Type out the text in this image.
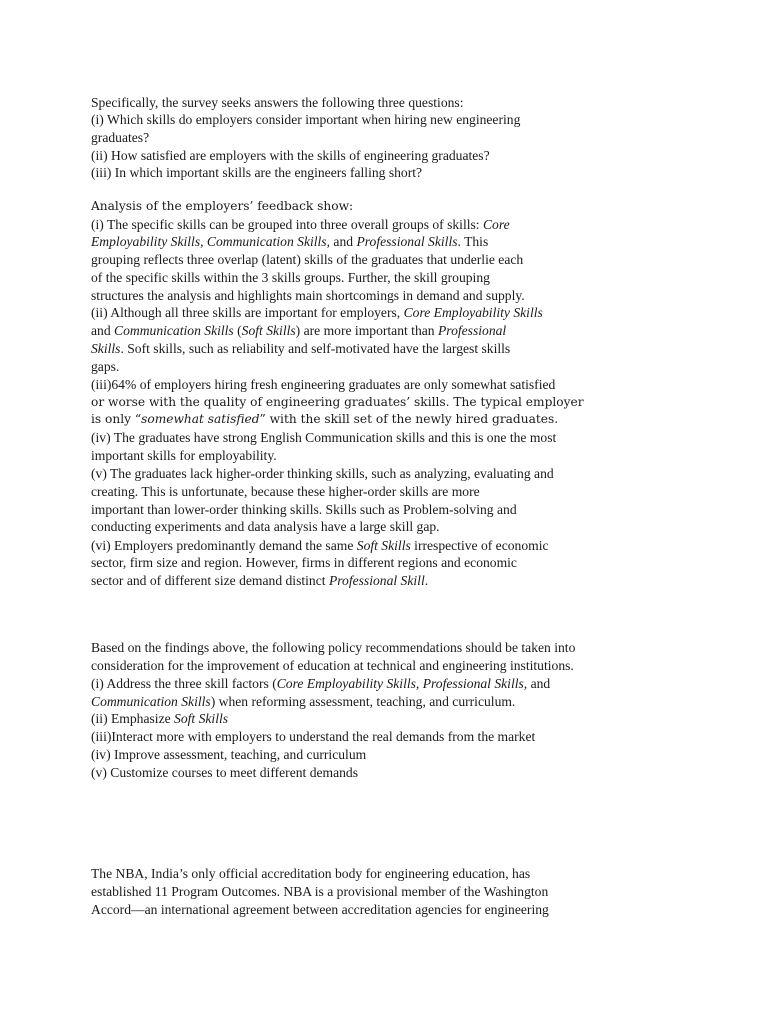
Specifically, the survey seeks answers the following three questions:
(i) Which skills do employers consider important when hiring new engineering
graduates?
(ii) How satisfied are employers with the skills of engineering graduates?
(iii) In which important skills are the engineers falling short?
Analysis of the employers’ feedback show:
(i) The specific skills can be grouped into three overall groups of skills: Core
Employability Skills, Communication Skills, and Professional Skills. This
grouping reflects three overlap (latent) skills of the graduates that underlie each
of the specific skills within the 3 skills groups. Further, the skill grouping
structures the analysis and highlights main shortcomings in demand and supply.
(ii) Although all three skills are important for employers, Core Employability Skills
and Communication Skills (Soft Skills) are more important than Professional
Skills. Soft skills, such as reliability and self-motivated have the largest skills
gaps.
(iii)64% of employers hiring fresh engineering graduates are only somewhat satisfied
or worse with the quality of engineering graduates’ skills. The typical employer
is only “somewhat satisfied” with the skill set of the newly hired graduates.
(iv) The graduates have strong English Communication skills and this is one the most
important skills for employability.
(v) The graduates lack higher-order thinking skills, such as analyzing, evaluating and
creating. This is unfortunate, because these higher-order skills are more
important than lower-order thinking skills. Skills such as Problem-solving and
conducting experiments and data analysis have a large skill gap.
(vi) Employers predominantly demand the same Soft Skills irrespective of economic
sector, firm size and region. However, firms in different regions and economic
sector and of different size demand distinct Professional Skill.
Based on the findings above, the following policy recommendations should be taken into
consideration for the improvement of education at technical and engineering institutions.
(i) Address the three skill factors (Core Employability Skills, Professional Skills, and
Communication Skills) when reforming assessment, teaching, and curriculum.
(ii) Emphasize Soft Skills
(iii)Interact more with employers to understand the real demands from the market
(iv) Improve assessment, teaching, and curriculum
(v) Customize courses to meet different demands
The NBA, India’s only official accreditation body for engineering education, has
established 11 Program Outcomes. NBA is a provisional member of the Washington
Accord—an international agreement between accreditation agencies for engineering
